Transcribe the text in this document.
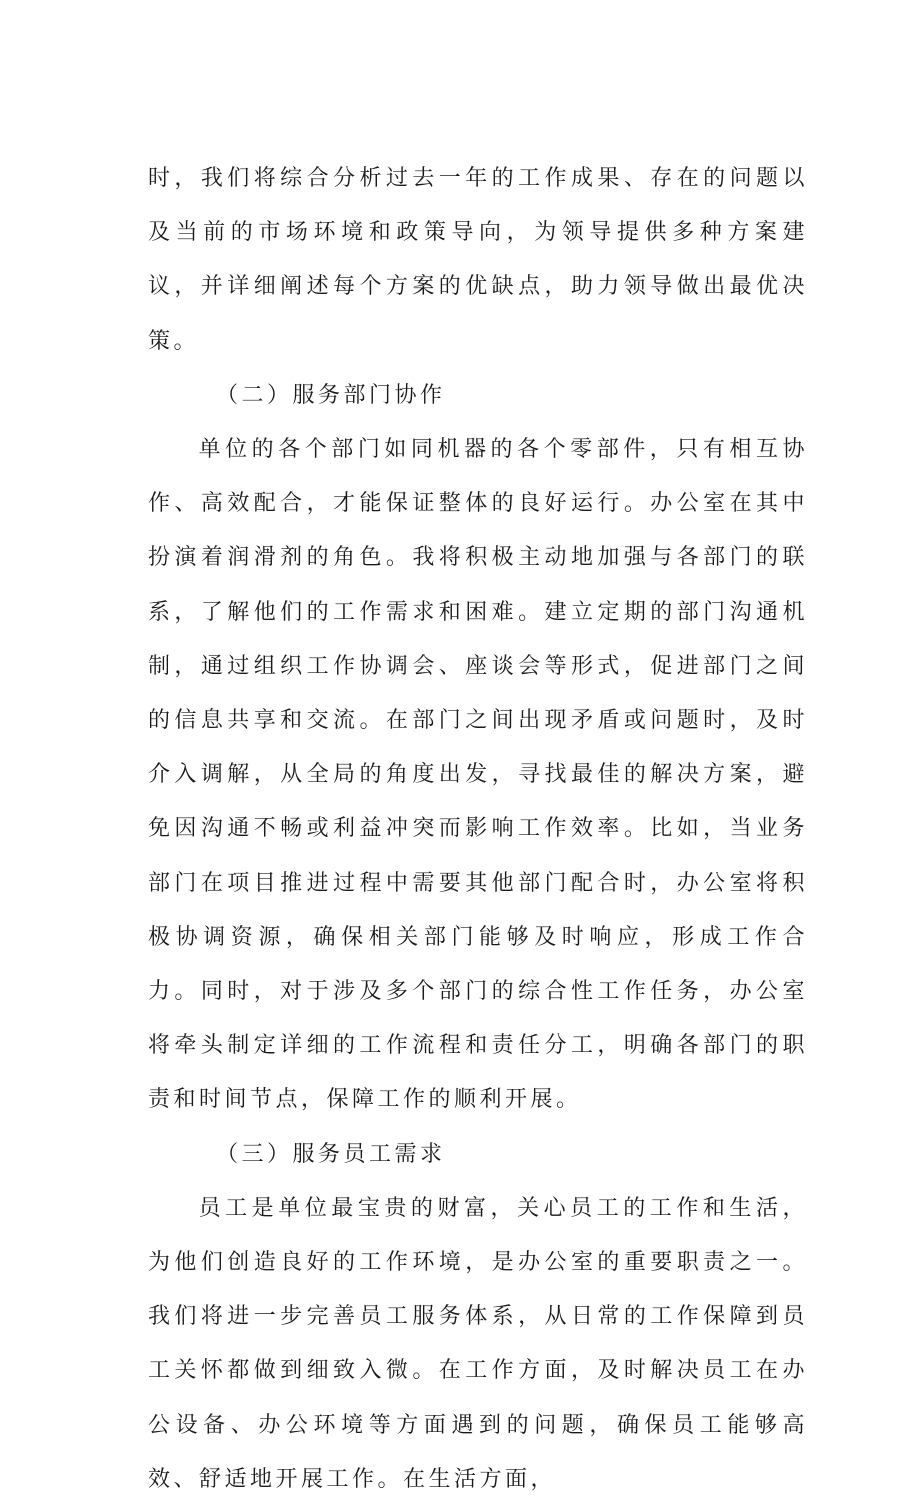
时，我们将综合分析过去一年的工作成果、存在的问题以及当前的市场环境和政策导向，为领导提供多种方案建议，并详细阐述每个方案的优缺点，助力领导做出最优决策。

（二）服务部门协作

单位的各个部门如同机器的各个零部件，只有相互协作、高效配合，才能保证整体的良好运行。办公室在其中扮演着润滑剂的角色。我将积极主动地加强与各部门的联系，了解他们的工作需求和困难。建立定期的部门沟通机制，通过组织工作协调会、座谈会等形式，促进部门之间的信息共享和交流。在部门之间出现矛盾或问题时，及时介入调解，从全局的角度出发，寻找最佳的解决方案，避免因沟通不畅或利益冲突而影响工作效率。比如，当业务部门在项目推进过程中需要其他部门配合时，办公室将积极协调资源，确保相关部门能够及时响应，形成工作合力。同时，对于涉及多个部门的综合性工作任务，办公室将牵头制定详细的工作流程和责任分工，明确各部门的职责和时间节点，保障工作的顺利开展。

（三）服务员工需求

员工是单位最宝贵的财富，关心员工的工作和生活，为他们创造良好的工作环境，是办公室的重要职责之一。我们将进一步完善员工服务体系，从日常的工作保障到员工关怀都做到细致入微。在工作方面，及时解决员工在办公设备、办公环境等方面遇到的问题，确保员工能够高效、舒适地开展工作。在生活方面，
